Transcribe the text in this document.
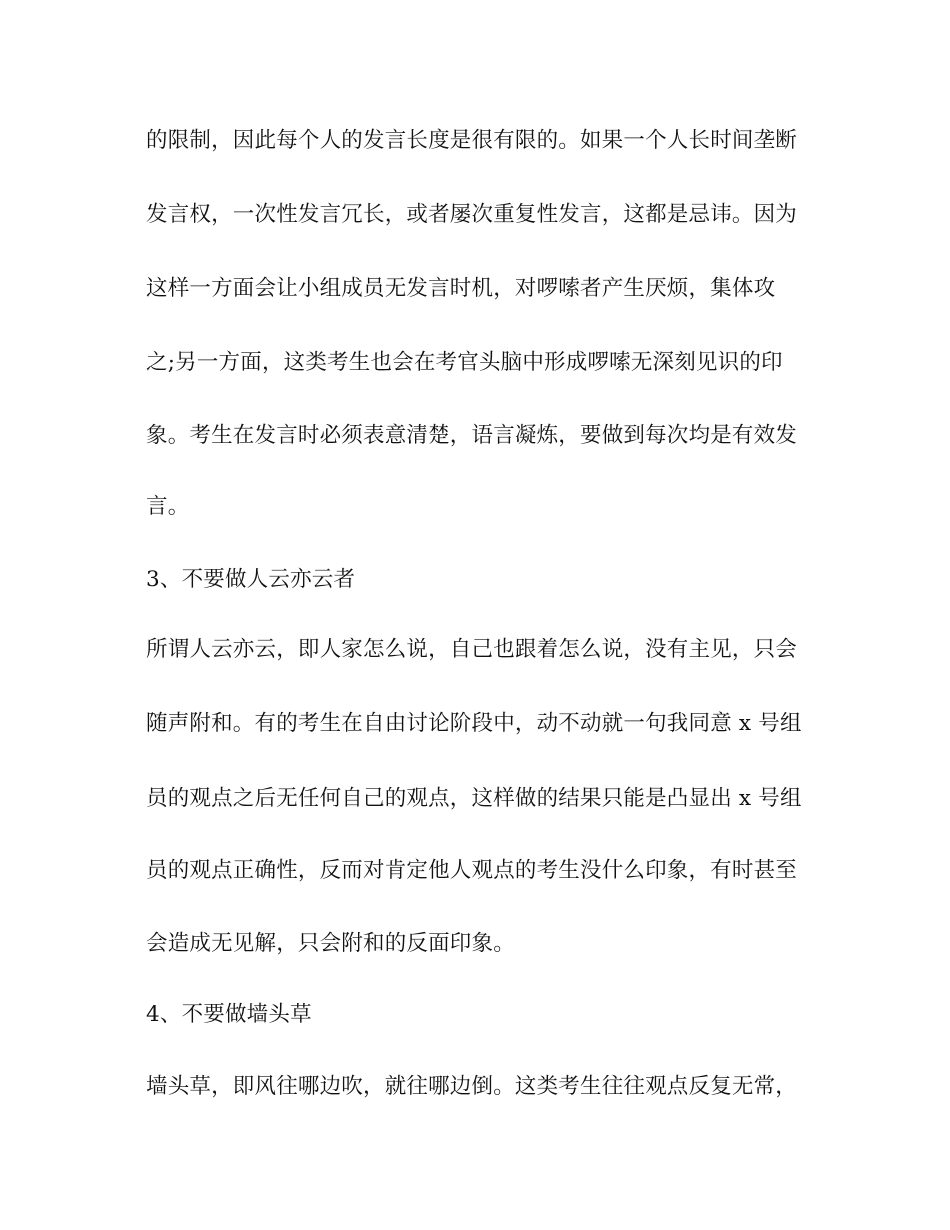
的限制，因此每个人的发言长度是很有限的。如果一个人长时间垄断
发言权，一次性发言冗长，或者屡次重复性发言，这都是忌讳。因为
这样一方面会让小组成员无发言时机，对啰嗦者产生厌烦，集体攻
之;另一方面，这类考生也会在考官头脑中形成啰嗦无深刻见识的印
象。考生在发言时必须表意清楚，语言凝炼，要做到每次均是有效发
言。
3、不要做人云亦云者
所谓人云亦云，即人家怎么说，自己也跟着怎么说，没有主见，只会
随声附和。有的考生在自由讨论阶段中，动不动就一句我同意 x 号组
员的观点之后无任何自己的观点，这样做的结果只能是凸显出 x 号组
员的观点正确性，反而对肯定他人观点的考生没什么印象，有时甚至
会造成无见解，只会附和的反面印象。
4、不要做墙头草
墙头草，即风往哪边吹，就往哪边倒。这类考生往往观点反复无常，
